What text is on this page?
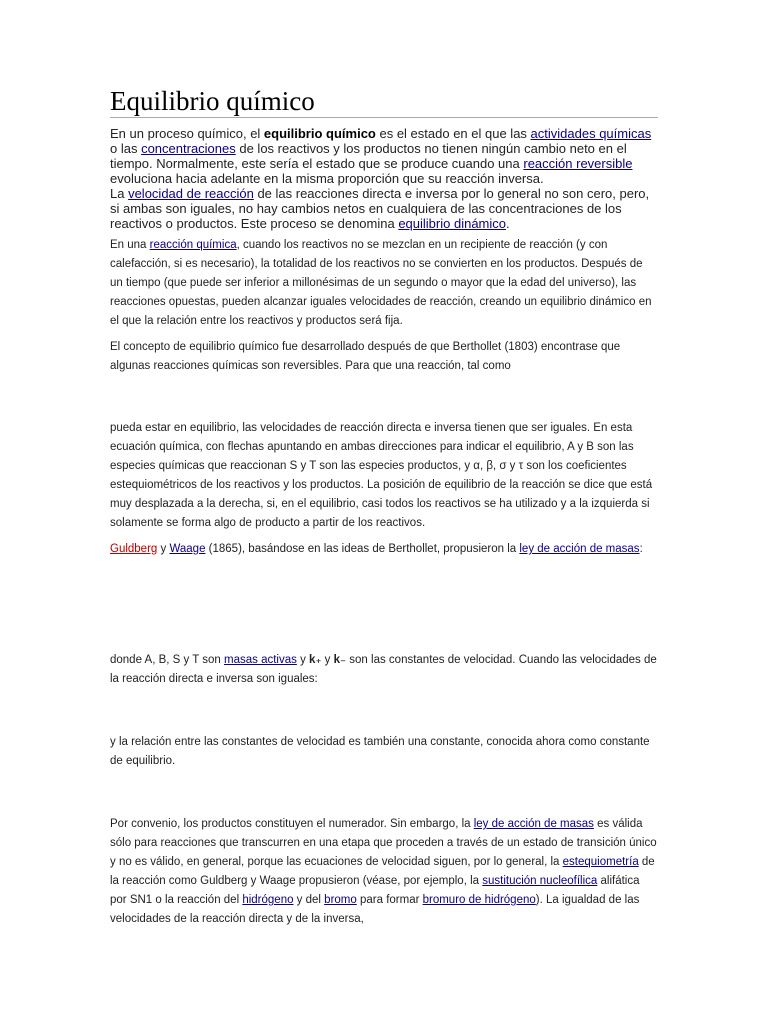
Equilibrio químico
En un proceso químico, el equilibrio químico es el estado en el que las actividades químicas o las concentraciones de los reactivos y los productos no tienen ningún cambio neto en el tiempo. Normalmente, este sería el estado que se produce cuando una reacción reversible evoluciona hacia adelante en la misma proporción que su reacción inversa.
La velocidad de reacción de las reacciones directa e inversa por lo general no son cero, pero, si ambas son iguales, no hay cambios netos en cualquiera de las concentraciones de los reactivos o productos. Este proceso se denomina equilibrio dinámico.
En una reacción química, cuando los reactivos no se mezclan en un recipiente de reacción (y con calefacción, si es necesario), la totalidad de los reactivos no se convierten en los productos. Después de un tiempo (que puede ser inferior a millonésimas de un segundo o mayor que la edad del universo), las reacciones opuestas, pueden alcanzar iguales velocidades de reacción, creando un equilibrio dinámico en el que la relación entre los reactivos y productos será fija.
El concepto de equilibrio químico fue desarrollado después de que Berthollet (1803) encontrase que algunas reacciones químicas son reversibles. Para que una reacción, tal como
pueda estar en equilibrio, las velocidades de reacción directa e inversa tienen que ser iguales. En esta ecuación química, con flechas apuntando en ambas direcciones para indicar el equilibrio, A y B son las especies químicas que reaccionan S y T son las especies productos, y α, β, σ y τ son los coeficientes estequiométricos de los reactivos y los productos. La posición de equilibrio de la reacción se dice que está muy desplazada a la derecha, si, en el equilibrio, casi todos los reactivos se ha utilizado y a la izquierda si solamente se forma algo de producto a partir de los reactivos.
Guldberg y Waage (1865), basándose en las ideas de Berthollet, propusieron la ley de acción de masas:
donde A, B, S y T son masas activas y k₊ y k₋ son las constantes de velocidad. Cuando las velocidades de la reacción directa e inversa son iguales:
y la relación entre las constantes de velocidad es también una constante, conocida ahora como constante de equilibrio.
Por convenio, los productos constituyen el numerador. Sin embargo, la ley de acción de masas es válida sólo para reacciones que transcurren en una etapa que proceden a través de un estado de transición único y no es válido, en general, porque las ecuaciones de velocidad siguen, por lo general, la estequiometría de la reacción como Guldberg y Waage propusieron (véase, por ejemplo, la sustitución nucleofílica alifática por SN1 o la reacción del hidrógeno y del bromo para formar bromuro de hidrógeno). La igualdad de las velocidades de la reacción directa y de la inversa,
